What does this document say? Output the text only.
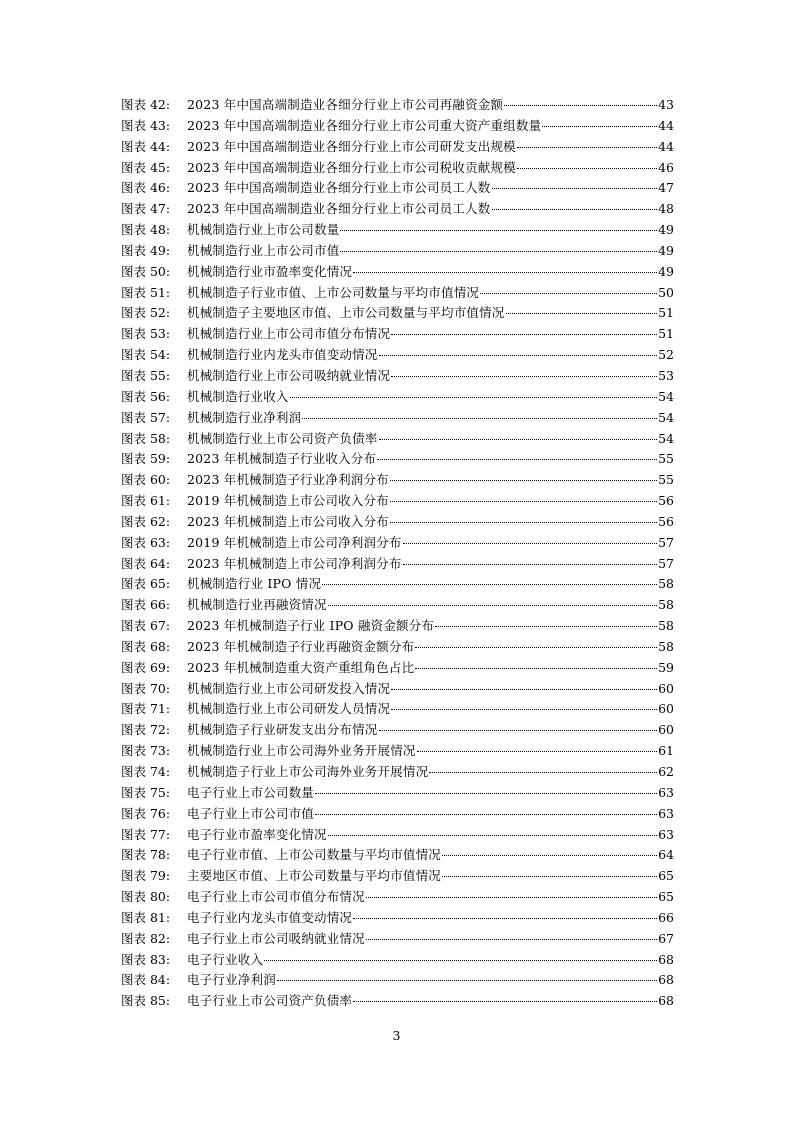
图表 42:	2023 年中国高端制造业各细分行业上市公司再融资金额	43
图表 43:	2023 年中国高端制造业各细分行业上市公司重大资产重组数量	44
图表 44:	2023 年中国高端制造业各细分行业上市公司研发支出规模	44
图表 45:	2023 年中国高端制造业各细分行业上市公司税收贡献规模	46
图表 46:	2023 年中国高端制造业各细分行业上市公司员工人数	47
图表 47:	2023 年中国高端制造业各细分行业上市公司员工人数	48
图表 48:	机械制造行业上市公司数量	49
图表 49:	机械制造行业上市公司市值	49
图表 50:	机械制造行业市盈率变化情况	49
图表 51:	机械制造子行业市值、上市公司数量与平均市值情况	50
图表 52:	机械制造子主要地区市值、上市公司数量与平均市值情况	51
图表 53:	机械制造行业上市公司市值分布情况	51
图表 54:	机械制造行业内龙头市值变动情况	52
图表 55:	机械制造行业上市公司吸纳就业情况	53
图表 56:	机械制造行业收入	54
图表 57:	机械制造行业净利润	54
图表 58:	机械制造行业上市公司资产负债率	54
图表 59:	2023 年机械制造子行业收入分布	55
图表 60:	2023 年机械制造子行业净利润分布	55
图表 61:	2019 年机械制造上市公司收入分布	56
图表 62:	2023 年机械制造上市公司收入分布	56
图表 63:	2019 年机械制造上市公司净利润分布	57
图表 64:	2023 年机械制造上市公司净利润分布	57
图表 65:	机械制造行业 IPO 情况	58
图表 66:	机械制造行业再融资情况	58
图表 67:	2023 年机械制造子行业 IPO 融资金额分布	58
图表 68:	2023 年机械制造子行业再融资金额分布	58
图表 69:	2023 年机械制造重大资产重组角色占比	59
图表 70:	机械制造行业上市公司研发投入情况	60
图表 71:	机械制造行业上市公司研发人员情况	60
图表 72:	机械制造子行业研发支出分布情况	60
图表 73:	机械制造行业上市公司海外业务开展情况	61
图表 74:	机械制造子行业上市公司海外业务开展情况	62
图表 75:	电子行业上市公司数量	63
图表 76:	电子行业上市公司市值	63
图表 77:	电子行业市盈率变化情况	63
图表 78:	电子行业市值、上市公司数量与平均市值情况	64
图表 79:	主要地区市值、上市公司数量与平均市值情况	65
图表 80:	电子行业上市公司市值分布情况	65
图表 81:	电子行业内龙头市值变动情况	66
图表 82:	电子行业上市公司吸纳就业情况	67
图表 83:	电子行业收入	68
图表 84:	电子行业净利润	68
图表 85:	电子行业上市公司资产负债率	68
3
